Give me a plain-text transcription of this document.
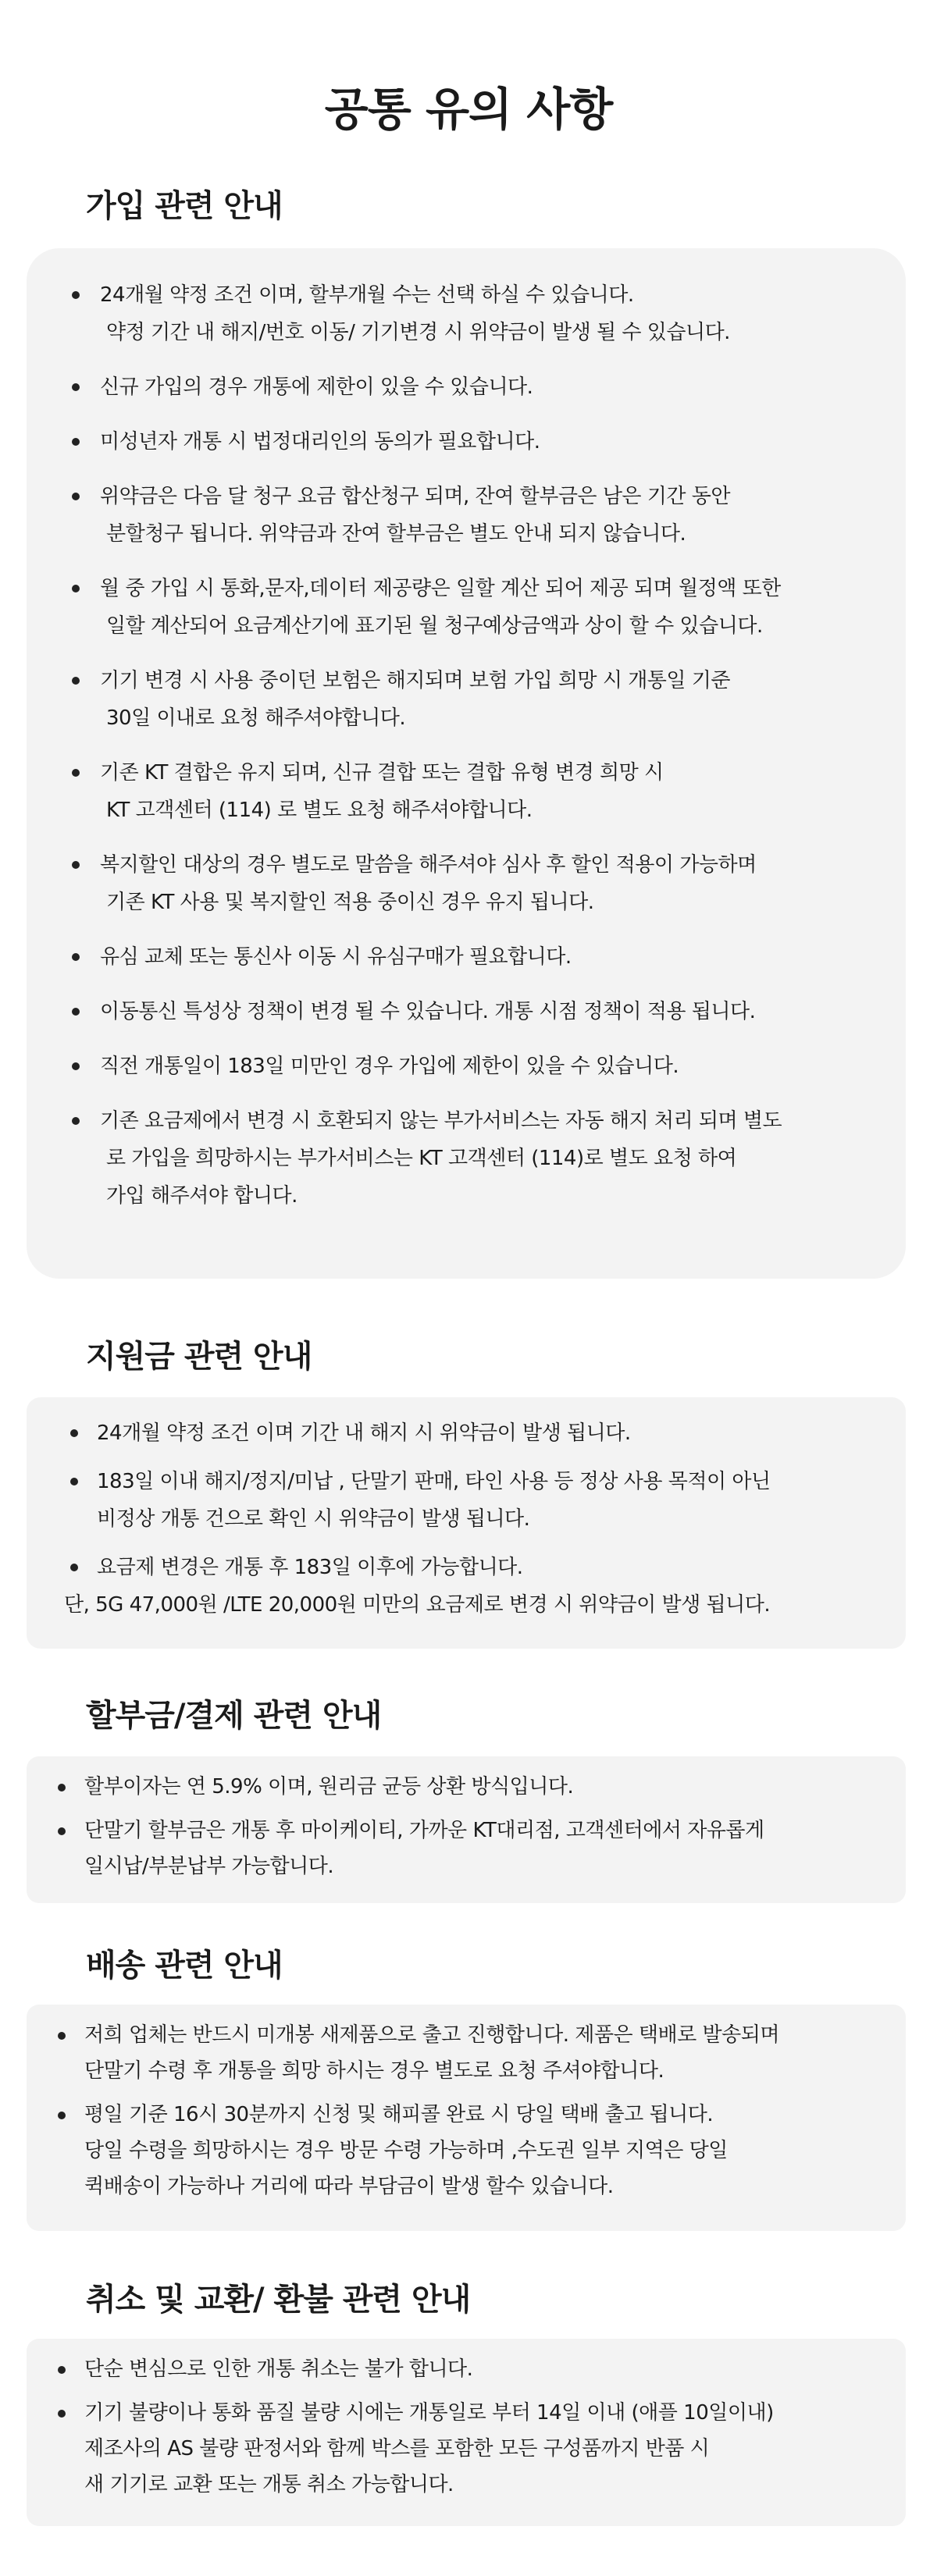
공통 유의 사항
가입 관련 안내
24개월 약정 조건 이며, 할부개월 수는 선택 하실 수 있습니다.
약정 기간 내 해지/번호 이동/ 기기변경 시 위약금이 발생 될 수 있습니다.
신규 가입의 경우 개통에 제한이 있을 수 있습니다.
미성년자 개통 시 법정대리인의 동의가 필요합니다.
위약금은 다음 달 청구 요금 합산청구 되며, 잔여 할부금은 남은 기간 동안
분할청구 됩니다. 위약금과 잔여 할부금은 별도 안내 되지 않습니다.
월 중 가입 시 통화,문자,데이터 제공량은 일할 계산 되어 제공 되며 월정액 또한
일할 계산되어 요금계산기에 표기된 월 청구예상금액과 상이 할 수 있습니다.
기기 변경 시 사용 중이던 보험은 해지되며 보험 가입 희망 시 개통일 기준
30일 이내로 요청 해주셔야합니다.
기존 KT 결합은 유지 되며, 신규 결합 또는 결합 유형 변경 희망 시
KT 고객센터 (114) 로 별도 요청 해주셔야합니다.
복지할인 대상의 경우 별도로 말씀을 해주셔야 심사 후 할인 적용이 가능하며
기존 KT 사용 및 복지할인 적용 중이신 경우 유지 됩니다.
유심 교체 또는 통신사 이동 시 유심구매가 필요합니다.
이동통신 특성상 정책이 변경 될 수 있습니다. 개통 시점 정책이 적용 됩니다.
직전 개통일이 183일 미만인 경우 가입에 제한이 있을 수 있습니다.
기존 요금제에서 변경 시 호환되지 않는 부가서비스는 자동 해지 처리 되며 별도
로 가입을 희망하시는 부가서비스는 KT 고객센터 (114)로 별도 요청 하여
가입 해주셔야 합니다.
지원금 관련 안내
24개월 약정 조건 이며 기간 내 해지 시 위약금이 발생 됩니다.
183일 이내 해지/정지/미납 , 단말기 판매, 타인 사용 등 정상 사용 목적이 아닌
비정상 개통 건으로 확인 시 위약금이 발생 됩니다.
요금제 변경은 개통 후 183일 이후에 가능합니다.
단, 5G 47,000원 /LTE 20,000원 미만의 요금제로 변경 시 위약금이 발생 됩니다.
할부금/결제 관련 안내
할부이자는 연 5.9% 이며, 원리금 균등 상환 방식입니다.
단말기 할부금은 개통 후 마이케이티, 가까운 KT대리점, 고객센터에서 자유롭게
일시납/부분납부 가능합니다.
배송 관련 안내
저희 업체는 반드시 미개봉 새제품으로 출고 진행합니다. 제품은 택배로 발송되며
단말기 수령 후 개통을 희망 하시는 경우 별도로 요청 주셔야합니다.
평일 기준 16시 30분까지 신청 및 해피콜 완료 시 당일 택배 출고 됩니다.
당일 수령을 희망하시는 경우 방문 수령 가능하며 ,수도권 일부 지역은 당일
퀵배송이 가능하나 거리에 따라 부담금이 발생 할수 있습니다.
취소 및 교환/ 환불 관련 안내
단순 변심으로 인한 개통 취소는 불가 합니다.
기기 불량이나 통화 품질 불량 시에는 개통일로 부터 14일 이내 (애플 10일이내)
제조사의 AS 불량 판정서와 함께 박스를 포함한 모든 구성품까지 반품 시
새 기기로 교환 또는 개통 취소 가능합니다.
